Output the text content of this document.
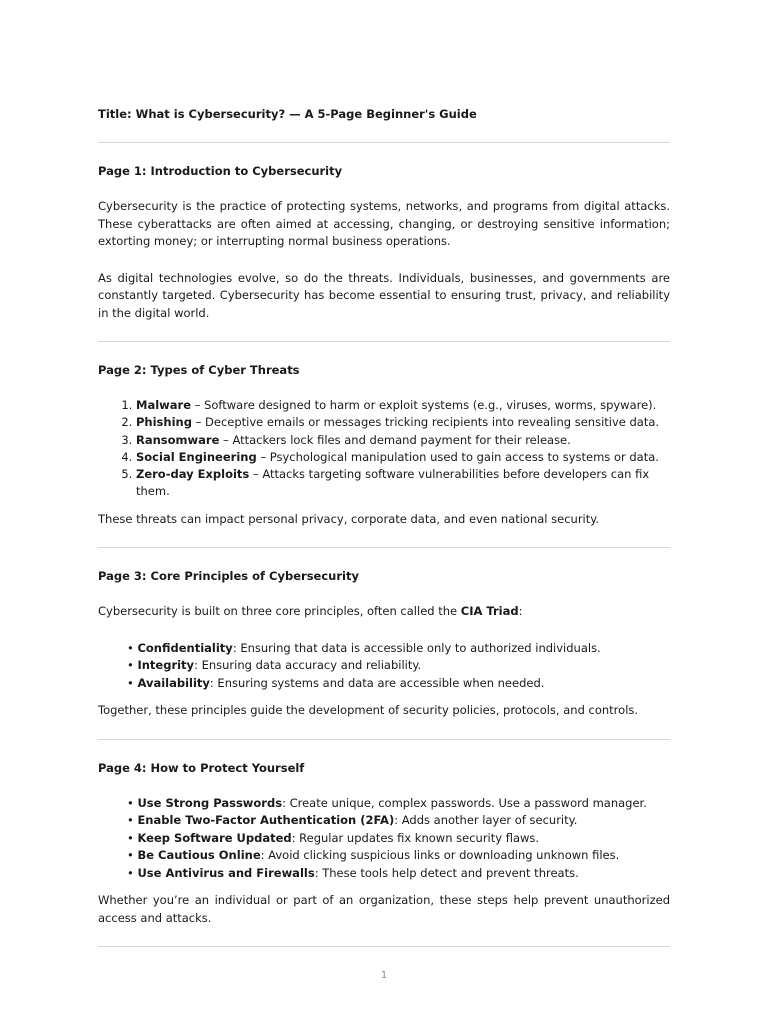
Title: What is Cybersecurity? — A 5-Page Beginner's Guide

Page 1: Introduction to Cybersecurity

Cybersecurity is the practice of protecting systems, networks, and programs from digital attacks. These cyberattacks are often aimed at accessing, changing, or destroying sensitive information; extorting money; or interrupting normal business operations.

As digital technologies evolve, so do the threats. Individuals, businesses, and governments are constantly targeted. Cybersecurity has become essential to ensuring trust, privacy, and reliability in the digital world.

Page 2: Types of Cyber Threats
1. Malware – Software designed to harm or exploit systems (e.g., viruses, worms, spyware).
2. Phishing – Deceptive emails or messages tricking recipients into revealing sensitive data.
3. Ransomware – Attackers lock files and demand payment for their release.
4. Social Engineering – Psychological manipulation used to gain access to systems or data.
5. Zero-day Exploits – Attacks targeting software vulnerabilities before developers can fix them.

These threats can impact personal privacy, corporate data, and even national security.

Page 3: Core Principles of Cybersecurity

Cybersecurity is built on three core principles, often called the CIA Triad:

• Confidentiality: Ensuring that data is accessible only to authorized individuals.
• Integrity: Ensuring data accuracy and reliability.
• Availability: Ensuring systems and data are accessible when needed.

Together, these principles guide the development of security policies, protocols, and controls.

Page 4: How to Protect Yourself
• Use Strong Passwords: Create unique, complex passwords. Use a password manager.
• Enable Two-Factor Authentication (2FA): Adds another layer of security.
• Keep Software Updated: Regular updates fix known security flaws.
• Be Cautious Online: Avoid clicking suspicious links or downloading unknown files.
• Use Antivirus and Firewalls: These tools help detect and prevent threats.

Whether you’re an individual or part of an organization, these steps help prevent unauthorized access and attacks.

1
